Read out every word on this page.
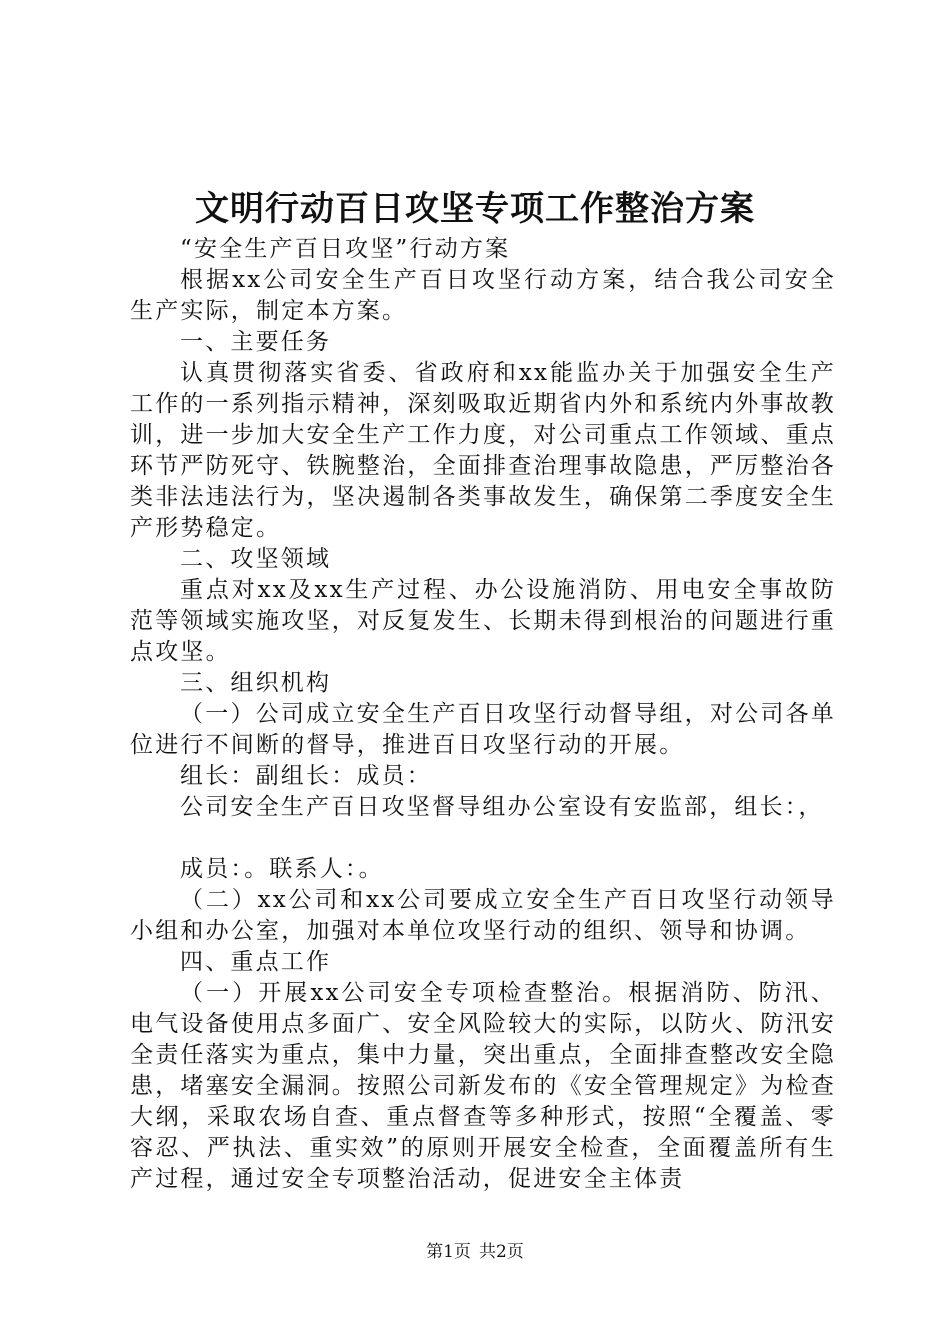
文明行动百日攻坚专项工作整治方案

“安全生产百日攻坚”行动方案

根据xx公司安全生产百日攻坚行动方案，结合我公司安全生产实际，制定本方案。

一、主要任务

认真贯彻落实省委、省政府和xx能监办关于加强安全生产工作的一系列指示精神，深刻吸取近期省内外和系统内外事故教训，进一步加大安全生产工作力度，对公司重点工作领域、重点环节严防死守、铁腕整治，全面排查治理事故隐患，严厉整治各类非法违法行为，坚决遏制各类事故发生，确保第二季度安全生产形势稳定。

二、攻坚领域

重点对xx及xx生产过程、办公设施消防、用电安全事故防范等领域实施攻坚，对反复发生、长期未得到根治的问题进行重点攻坚。

三、组织机构

（一）公司成立安全生产百日攻坚行动督导组，对公司各单位进行不间断的督导，推进百日攻坚行动的开展。

组长：副组长：成员：

公司安全生产百日攻坚督导组办公室设有安监部，组长：，

成员：。联系人：。

（二）xx公司和xx公司要成立安全生产百日攻坚行动领导小组和办公室，加强对本单位攻坚行动的组织、领导和协调。

四、重点工作

（一）开展xx公司安全专项检查整治。根据消防、防汛、电气设备使用点多面广、安全风险较大的实际，以防火、防汛安全责任落实为重点，集中力量，突出重点，全面排查整改安全隐患，堵塞安全漏洞。按照公司新发布的《安全管理规定》为检查大纲，采取农场自查、重点督查等多种形式，按照“全覆盖、零容忍、严执法、重实效”的原则开展安全检查，全面覆盖所有生产过程，通过安全专项整治活动，促进安全主体责

第1页 共2页
